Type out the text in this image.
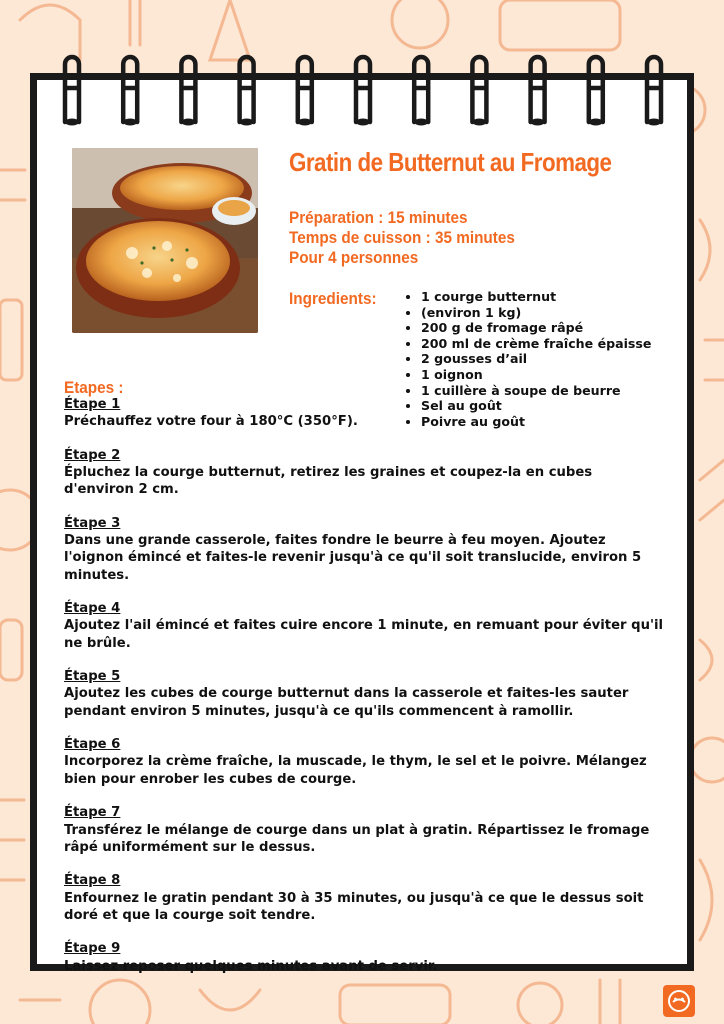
Gratin de Butternut au Fromage
Préparation : 15 minutes
Temps de cuisson : 35 minutes
Pour 4 personnes
Ingredients:
•	1 courge butternut
• (environ 1 kg)
• 200 g de fromage râpé
• 200 ml de crème fraîche épaisse
• 2 gousses d’ail
• 1 oignon
• 1 cuillère à soupe de beurre
• Sel au goût
• Poivre au goût
Etapes :
Étape 1
Préchauffez votre four à 180°C (350°F).
Étape 2
Épluchez la courge butternut, retirez les graines et coupez-la en cubes d'environ 2 cm.
Étape 3
Dans une grande casserole, faites fondre le beurre à feu moyen. Ajoutez l'oignon émincé et faites-le revenir jusqu'à ce qu'il soit translucide, environ 5 minutes.
Étape 4
Ajoutez l'ail émincé et faites cuire encore 1 minute, en remuant pour éviter qu'il ne brûle.
Étape 5
Ajoutez les cubes de courge butternut dans la casserole et faites-les sauter pendant environ 5 minutes, jusqu'à ce qu'ils commencent à ramollir.
Étape 6
Incorporez la crème fraîche, la muscade, le thym, le sel et le poivre. Mélangez bien pour enrober les cubes de courge.
Étape 7
Transférez le mélange de courge dans un plat à gratin. Répartissez le fromage râpé uniformément sur le dessus.
Étape 8
Enfournez le gratin pendant 30 à 35 minutes, ou jusqu'à ce que le dessus soit doré et que la courge soit tendre.
Étape 9
Laissez reposer quelques minutes avant de servir.
